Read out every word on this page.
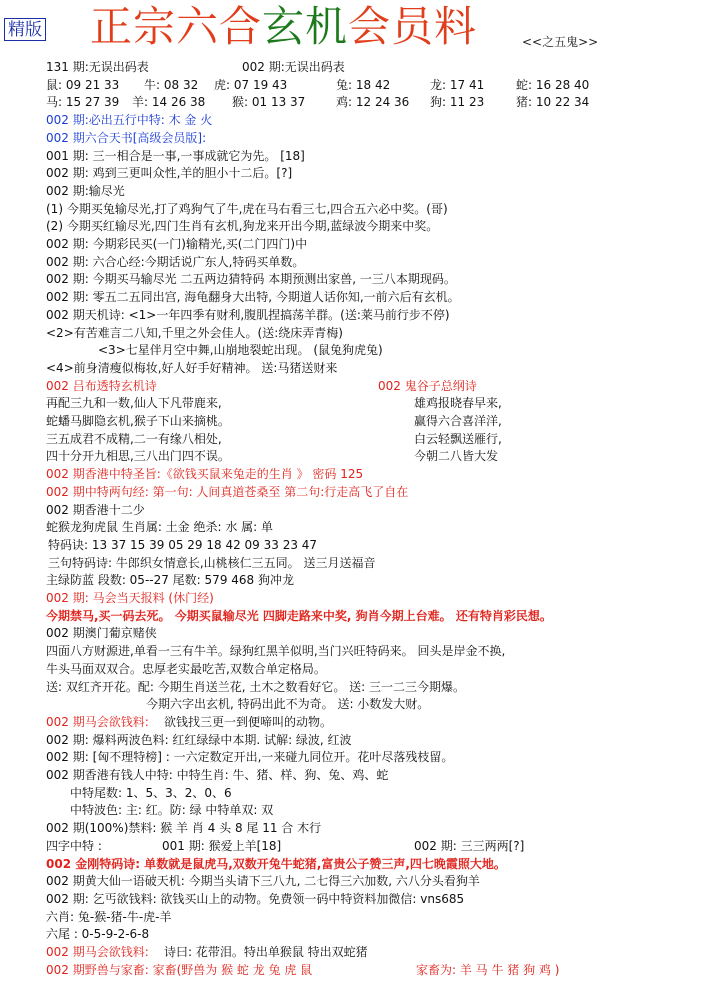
精版 正宗六合玄机会员料	<<之五鬼>>
131 期:无误出码表	002 期:无误出码表
鼠: 09 21 33 牛: 08 32 虎: 07 19 43	兔: 18 42	龙: 17 41	蛇: 16 28 40
马: 15 27 39 羊: 14 26 38 猴: 01 13 37	鸡: 12 24 36 狗: 11 23	猪: 10 22 34
002 期:必出五行中特: 木 金 火
002 期六合天书[高级会员版]:
001 期: 三一相合是一事,一事成就它为先。 [18]
002 期: 鸡到三更叫众性,羊的胆小十二后。[?]
002 期:输尽光
(1) 今期买兔输尽光,打了鸡狗气了牛,虎在马右看三七,四合五六必中奖。(哥)
(2) 今期买红输尽光,四门生肖有玄机,狗龙来开出今期,蓝绿波今期来中奖。
002 期: 今期彩民买(一门)输精光,买(二门四门)中
002 期: 六合心经:今期话说广东人,特码买单数。
002 期: 今期买马输尽光 二五两边猜特码 本期预测出家兽, 一三八本期现码。
002 期: 零五二五同出宫, 海龟翻身大出特, 今期道人话你知,一前六后有玄机。
002 期天机诗: <1>一年四季有财利,腹肌捏搞荡羊群。(送:莱马前行步不停)
<2>有苦难言二八知,千里之外会佳人。(送:绕床弄青梅)
<3>七星伴月空中舞,山崩地裂蛇出现。 (鼠兔狗虎兔)
<4>前身清瘦似梅妆,好人好手好精神。 送:马猪送财来
002 吕布透特玄机诗	002 鬼谷子总纲诗
再配三九和一数,仙人下凡带鹿来,	雄鸡报晓春早来,
蛇蟠马脚隐玄机,猴子下山来摘桃。	赢得六合喜洋洋,
三五成君不成精,二一有缘八相处,	白云轻飘送雁行,
四十分开九相思,三八出门四不误。	今朝二八皆大发
002 期香港中特圣旨:《欲钱买鼠来兔走的生肖 》 密码 125
002 期中特两句经: 第一句: 人间真道苍桑至 第二句:行走高飞了自在
002 期香港十二少
蛇猴龙狗虎鼠 生肖属: 土金 绝杀: 水 属: 单
特码诀: 13 37 15 39 05 29 18 42 09 33 23 47
三句特码诗: 牛郎织女情意长,山桃核仁三五同。 送三月送福音
主绿防蓝 段数: 05--27 尾数: 579 468 狗冲龙
002 期: 马会当天报料 (休门经)
今期禁马,买一码去死。 今期买鼠输尽光 四脚走路来中奖, 狗肖今期上台难。 还有特肖彩民想。
002 期澳门葡京赌侠
四面八方财源进,单看一三有牛羊。绿狗红黑羊似明,当门兴旺特码来。 回头是岸金不换,
牛头马面双双合。忠厚老实最吃苦,双数合单定格局。
送: 双红齐开花。配: 今期生肖送兰花, 土木之数看好它。 送: 三一二三今期爆。
今期六字出玄机, 特码出此不为奇。 送: 小数发大财。
002 期马会欲钱料: 欲钱找三更一到便啼叫的动物。
002 期: 爆料两波色料: 红红绿绿中本期. 试解: 绿波, 红波
002 期: [匈不理特榜] : 一六定数定开出,一来碰九同位开。花叶尽落残枝留。
002 期香港有钱人中特: 中特生肖: 牛、猪、样、狗、兔、鸡、蛇
中特尾数: 1、5、3、2、0、6
中特波色: 主: 红。防: 绿 中特单双: 双
002 期(100%)禁料: 猴 羊 肖 4 头 8 尾 11 合 木行
四字中特 :	001 期: 猴爱上羊[18]	002 期: 三三两两[?]
002 金刚特码诗: 单数就是鼠虎马,双数开兔牛蛇猪,富贵公子赞三声,四七晚霞照大地。
002 期黄大仙一语破天机: 今期当头请下三八九, 二七得三六加数, 六八分头看狗羊
002 期: 乞丐欲钱料: 欲钱买山上的动物。免费领一码中特资料加微信: vns685
六肖: 兔-猴-猪-牛-虎-羊
六尾 : 0-5-9-2-6-8
002 期马会欲钱料: 诗曰: 花带泪。特出单猴鼠 特出双蛇猪
002 期野兽与家畜: 家畜(野兽为 猴 蛇 龙 兔 虎 鼠	家畜为: 羊 马 牛 猪 狗 鸡 )
